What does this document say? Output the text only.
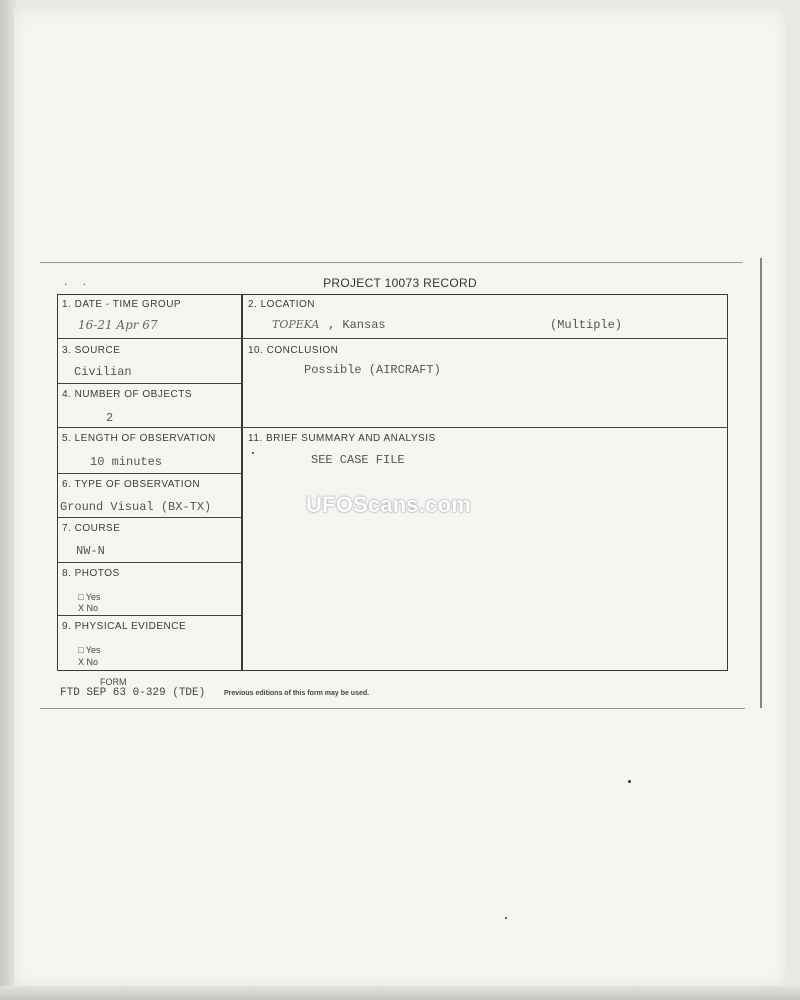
. .	PROJECT 10073 RECORD
1. DATE - TIME GROUP
16-21 Apr 67
2. LOCATION
TOPEKA , Kansas	(Multiple)
3. SOURCE
Civilian
10. CONCLUSION
Possible (AIRCRAFT)
4. NUMBER OF OBJECTS
2
5. LENGTH OF OBSERVATION
10 minutes
11. BRIEF SUMMARY AND ANALYSIS
SEE CASE FILE
6. TYPE OF OBSERVATION
Ground Visual (BX-TX)
7. COURSE
NW-N
8. PHOTOS
□ Yes
X No
9. PHYSICAL EVIDENCE
□ Yes
X No
UFOScans.com
FORM
FTD SEP 63 0-329 (TDE)	Previous editions of this form may be used.
